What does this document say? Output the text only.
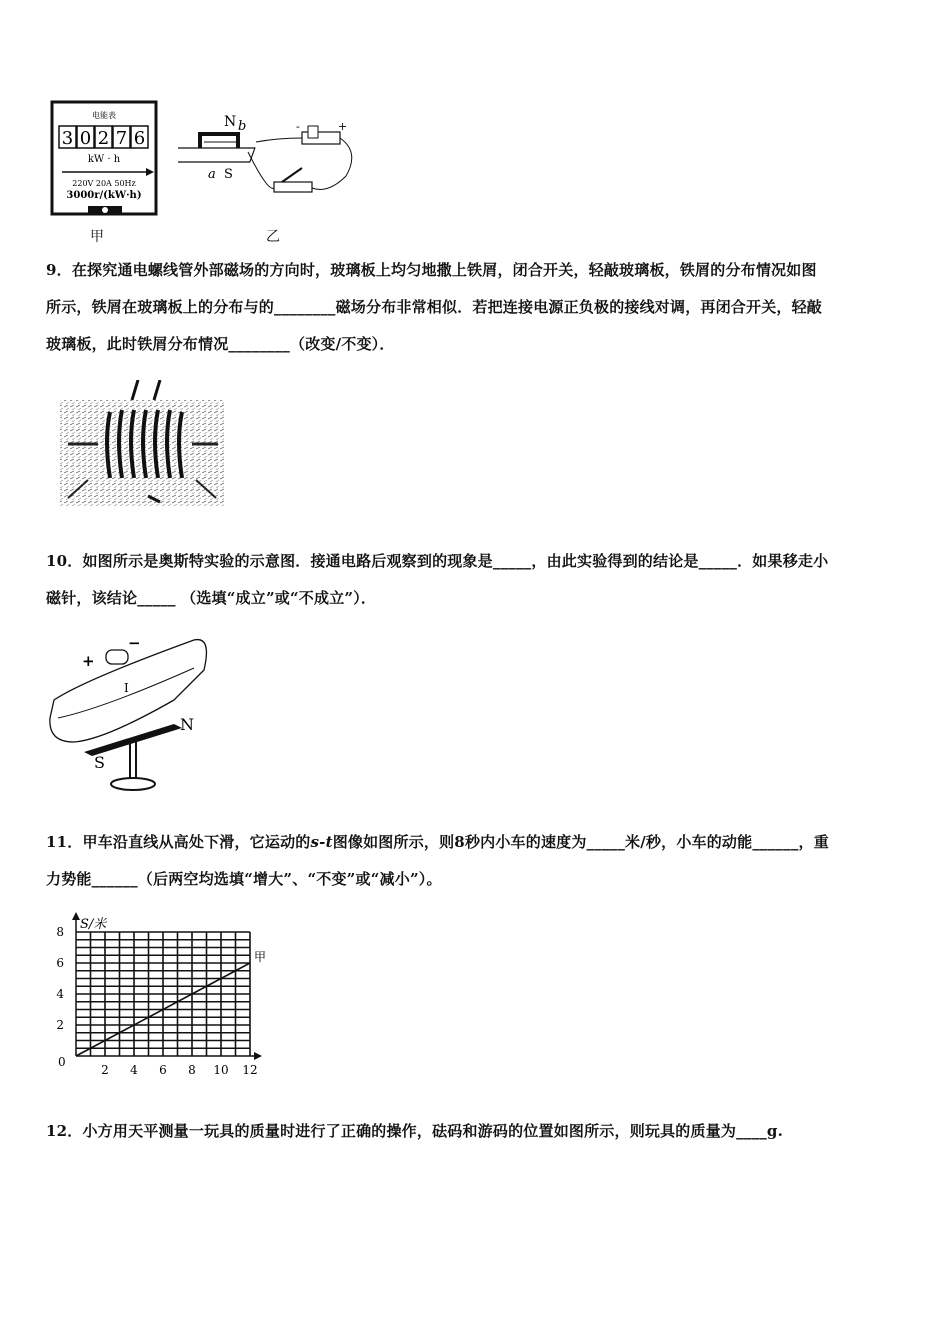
电能表
3 0 2 7 6
kW · h
220V 20A 50Hz
3000r/(kW·h)
甲
N b
a S
-	+
乙
9．在探究通电螺线管外部磁场的方向时，玻璃板上均匀地撒上铁屑，闭合开关，轻敲玻璃板，铁屑的分布情况如图
所示，铁屑在玻璃板上的分布与的________磁场分布非常相似．若把连接电源正负极的接线对调，再闭合开关，轻敲
玻璃板，此时铁屑分布情况________（改变/不变）．
10．如图所示是奥斯特实验的示意图．接通电路后观察到的现象是_____，由此实验得到的结论是_____．如果移走小
磁针，该结论_____ （选填“成立”或“不成立”）．
+
−
I
N
S
11．甲车沿直线从高处下滑，它运动的s-t图像如图所示，则8秒内小车的速度为_____米/秒，小车的动能______，重
力势能______（后两空均选填“增大”、“不变”或“减小”）。
S/米
0
8
6
4
2
2 4 6 8 10 12
甲
12．小方用天平测量一玩具的质量时进行了正确的操作，砝码和游码的位置如图所示，则玩具的质量为____g.
